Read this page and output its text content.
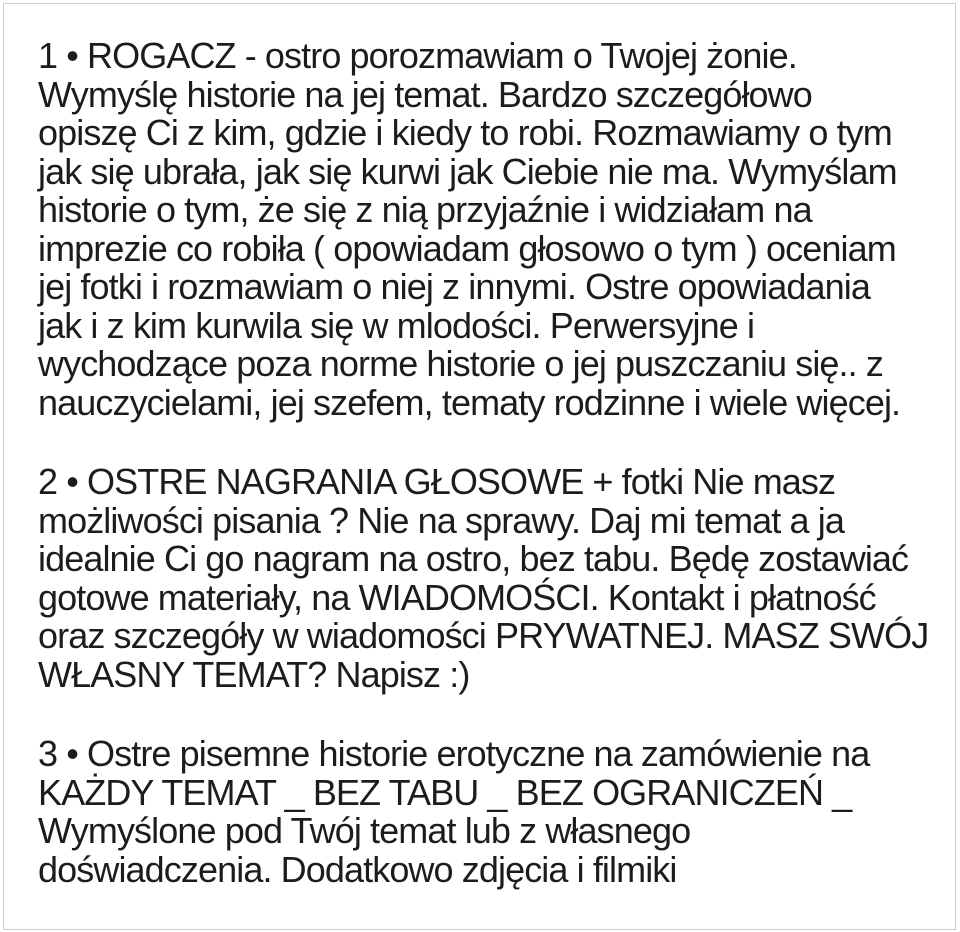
1 • ROGACZ - ostro porozmawiam o Twojej żonie.
Wymyślę historie na jej temat. Bardzo szczegółowo
opiszę Ci z kim, gdzie i kiedy to robi. Rozmawiamy o tym
jak się ubrała, jak się kurwi jak Ciebie nie ma. Wymyślam
historie o tym, że się z nią przyjaźnie i widziałam na
imprezie co robiła ( opowiadam głosowo o tym ) oceniam
jej fotki i rozmawiam o niej z innymi. Ostre opowiadania
jak i z kim kurwila się w mlodości. Perwersyjne i
wychodzące poza norme historie o jej puszczaniu się.. z
nauczycielami, jej szefem, tematy rodzinne i wiele więcej.
2 • OSTRE NAGRANIA GŁOSOWE + fotki Nie masz
możliwości pisania ? Nie na sprawy. Daj mi temat a ja
idealnie Ci go nagram na ostro, bez tabu. Będę zostawiać
gotowe materiały, na WIADOMOŚCI. Kontakt i płatność
oraz szczegóły w wiadomości PRYWATNEJ. MASZ SWÓJ
WŁASNY TEMAT? Napisz :)
3 • Ostre pisemne historie erotyczne na zamówienie na
KAŻDY TEMAT _ BEZ TABU _ BEZ OGRANICZEŃ _
Wymyślone pod Twój temat lub z własnego
doświadczenia. Dodatkowo zdjęcia i filmiki
